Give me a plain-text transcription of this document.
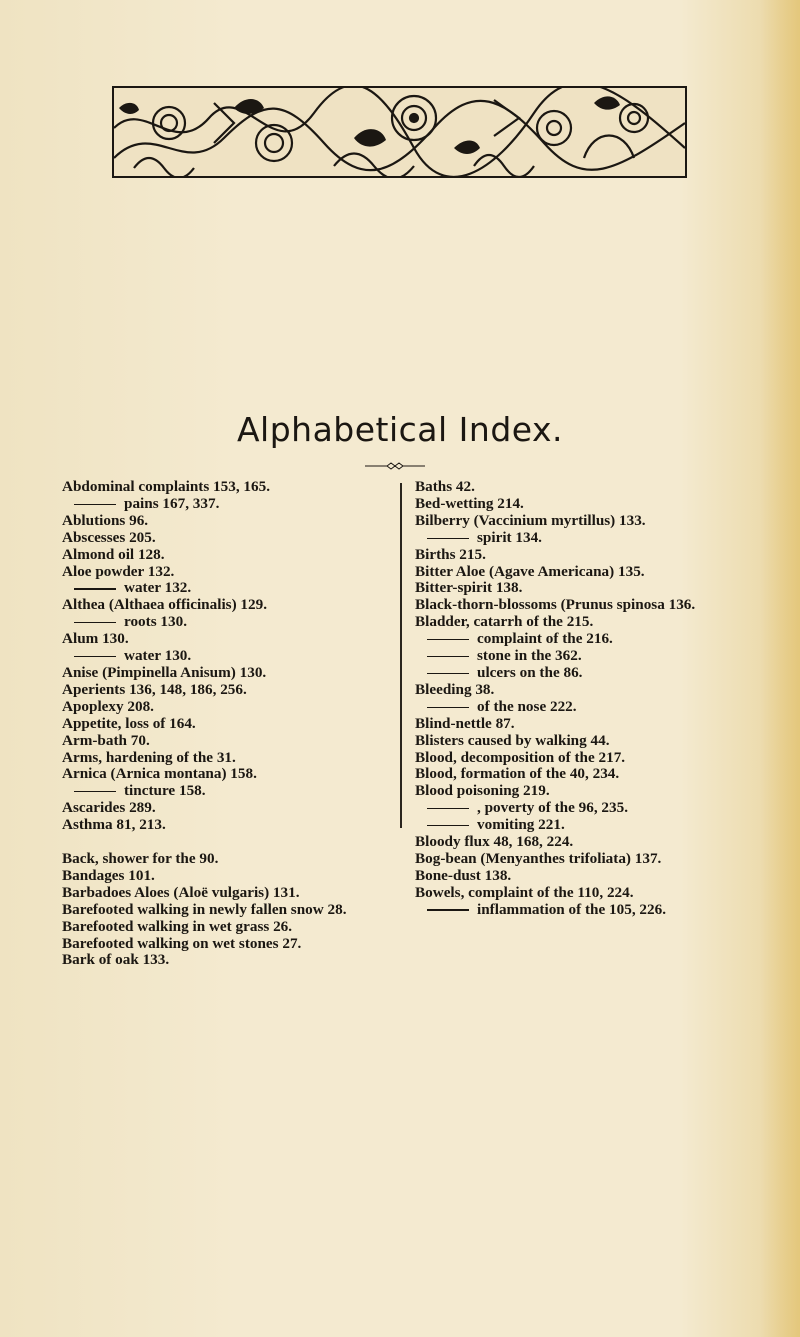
Alphabetical Index.
Abdominal complaints 153, 165.
pains 167, 337.
Ablutions 96.
Abscesses 205.
Almond oil 128.
Aloe powder 132.
water 132.
Althea (Althaea officinalis) 129.
roots 130.
Alum 130.
water 130.
Anise (Pimpinella Anisum) 130.
Aperients 136, 148, 186, 256.
Apoplexy 208.
Appetite, loss of 164.
Arm-bath 70.
Arms, hardening of the 31.
Arnica (Arnica montana) 158.
tincture 158.
Ascarides 289.
Asthma 81, 213.
Back, shower for the 90.
Bandages 101.
Barbadoes Aloes (Aloë vulgaris) 131.
Barefooted walking in newly fallen snow 28.
Barefooted walking in wet grass 26.
Barefooted walking on wet stones 27.
Bark of oak 133.
Baths 42.
Bed-wetting 214.
Bilberry (Vaccinium myrtillus) 133.
spirit 134.
Births 215.
Bitter Aloe (Agave Americana) 135.
Bitter-spirit 138.
Black-thorn-blossoms (Prunus spinosa 136.
Bladder, catarrh of the 215.
complaint of the 216.
stone in the 362.
ulcers on the 86.
Bleeding 38.
of the nose 222.
Blind-nettle 87.
Blisters caused by walking 44.
Blood, decomposition of the 217.
Blood, formation of the 40, 234.
Blood poisoning 219.
, poverty of the 96, 235.
vomiting 221.
Bloody flux 48, 168, 224.
Bog-bean (Menyanthes trifoliata) 137.
Bone-dust 138.
Bowels, complaint of the 110, 224.
inflammation of the 105, 226.
